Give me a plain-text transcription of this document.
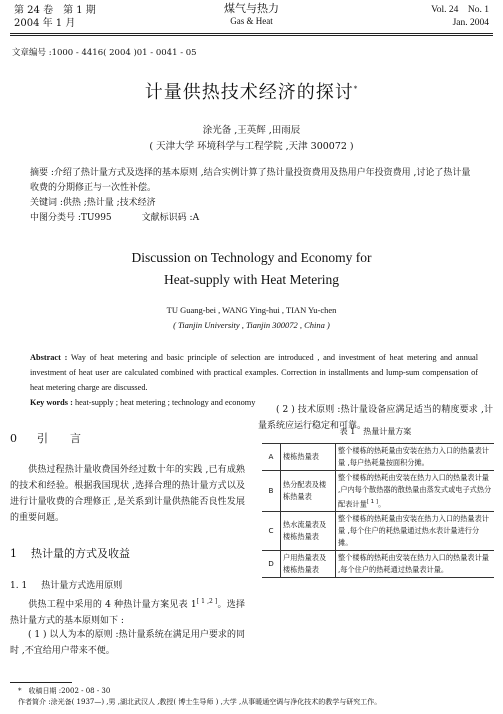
第 24 卷　第 1 期
2004 年 1 月
煤气与热力
Gas & Heat
Vol. 24　No. 1
Jan. 2004
文章编号 :1000 - 4416( 2004 )01 - 0041 - 05
计量供热技术经济的探讨*
涂光备 ,王英辉 ,田雨辰
( 天津大学 环境科学与工程学院 ,天津 300072 )
摘要 :介绍了热计量方式及选择的基本原则 ,结合实例计算了热计量投资费用及热用户年投资费用 ,讨论了热计量收费的分期修正与一次性补偿。
关键词 :供热 ;热计量 ;技术经济
中图分类号 :TU995	文献标识码 :A
Discussion on Technology and Economy for
Heat-supply with Heat Metering
TU Guang-bei , WANG Ying-hui , TIAN Yu-chen
( Tianjin University , Tianjin 300072 , China )
Abstract : Way of heat metering and basic principle of selection are introduced , and investment of heat metering and annual investment of heat user are calculated combined with practical examples. Correction in installments and lump-sum compensation of heat metering charge are discussed.
Key words : heat-supply ; heat metering ; technology and economy
0 引　　言
供热过程热计量收费国外经过数十年的实践 ,已有成熟的技术和经验。根据我国现状 ,选择合理的热计量方式以及进行计量收费的合理修正 ,是关系到计量供热能否良性发展的重要问题。
1 热计量的方式及收益
1. 1 热计量方式选用原则
供热工程中采用的 4 种热计量方案见表 1[ 1 ,2 ]。选择热计量方式的基本原则如下 :
( 1 ) 以人为本的原则 :热计量系统在满足用户要求的同时 ,不宜给用户带来不便。
( 2 ) 技术原则 :热计量设备应满足适当的精度要求 ,计量系统应运行稳定和可靠。
表 1　热量计量方案
A	楼栋热量表	整个楼栋的热耗量由安装在热力入口的热量表计量 ,每户热耗量按面积分摊。
B	热分配表及楼栋热量表	整个楼栋的热耗由安装在热力入口的热量表计量 ,户内每个散热器的散热量由蒸发式或电子式热分配表计量[ 1 ]。
C	热水流量表及楼栋热量表	整个楼栋的热耗量由安装在热力入口的热量表计量 ,每个住户的耗热量通过热水表计量进行分摊。
D	户用热量表及楼栋热量表	整个楼栋的热耗由安装在热力入口的热量表计量 ,每个住户的热耗通过热量表计量。
*　收稿日期 :2002 - 08 - 30
作者简介 :涂光备( 1937—) ,男 ,湖北武汉人 ,教授( 博士生导师 ) ,大学 ,从事暖通空调与净化技术的教学与研究工作。
